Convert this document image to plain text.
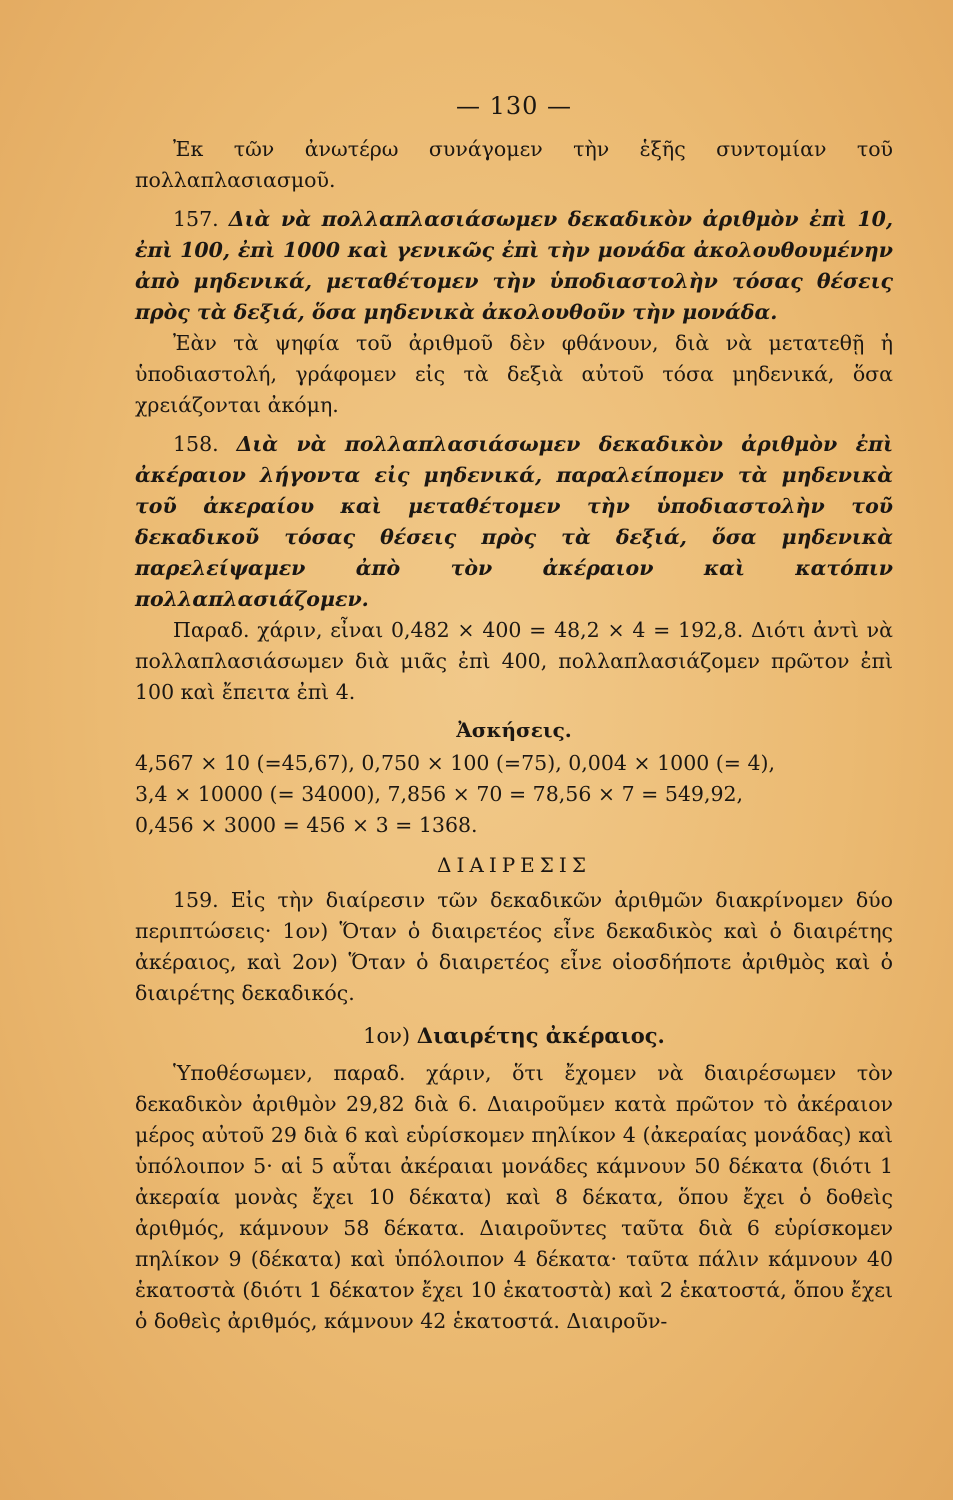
— 130 —

Ἐκ τῶν ἀνωτέρω συνάγομεν τὴν ἑξῆς συντομίαν τοῦ πολλαπλασιασμοῦ.

157. Διὰ νὰ πολλαπλασιάσωμεν δεκαδικὸν ἀριθμὸν ἐπὶ 10, ἐπὶ 100, ἐπὶ 1000 καὶ γενικῶς ἐπὶ τὴν μονάδα ἀκολουθουμένην ἀπὸ μηδενικά, μεταθέτομεν τὴν ὑποδιαστολὴν τόσας θέσεις πρὸς τὰ δεξιά, ὅσα μηδενικὰ ἀκολουθοῦν τὴν μονάδα.

Ἐὰν τὰ ψηφία τοῦ ἀριθμοῦ δὲν φθάνουν, διὰ νὰ μετατεθῇ ἡ ὑποδιαστολή, γράφομεν εἰς τὰ δεξιὰ αὐτοῦ τόσα μηδενικά, ὅσα χρειάζονται ἀκόμη.

158. Διὰ νὰ πολλαπλασιάσωμεν δεκαδικὸν ἀριθμὸν ἐπὶ ἀκέραιον λήγοντα εἰς μηδενικά, παραλείπομεν τὰ μηδενικὰ τοῦ ἀκεραίου καὶ μεταθέτομεν τὴν ὑποδιαστολὴν τοῦ δεκαδικοῦ τόσας θέσεις πρὸς τὰ δεξιά, ὅσα μηδενικὰ παρελείψαμεν ἀπὸ τὸν ἀκέραιον καὶ κατόπιν πολλαπλασιάζομεν.

Παραδ. χάριν, εἶναι 0,482 × 400 = 48,2 × 4 = 192,8. Διότι ἀντὶ νὰ πολλαπλασιάσωμεν διὰ μιᾶς ἐπὶ 400, πολλαπλασιάζομεν πρῶτον ἐπὶ 100 καὶ ἔπειτα ἐπὶ 4.

Ἀσκήσεις.

4,567 × 10 (=45,67), 0,750 × 100 (=75), 0,004 × 1000 (= 4),

3,4 × 10000 (= 34000), 7,856 × 70 = 78,56 × 7 = 549,92,

0,456 × 3000 = 456 × 3 = 1368.

ΔΙΑΙΡΕΣΙΣ

159. Εἰς τὴν διαίρεσιν τῶν δεκαδικῶν ἀριθμῶν διακρίνομεν δύο περιπτώσεις· 1ον) Ὅταν ὁ διαιρετέος εἶνε δεκαδικὸς καὶ ὁ διαιρέτης ἀκέραιος, καὶ 2ον) Ὅταν ὁ διαιρετέος εἶνε οἱοσδήποτε ἀριθμὸς καὶ ὁ διαιρέτης δεκαδικός.

1ον) Διαιρέτης ἀκέραιος.

Ὑποθέσωμεν, παραδ. χάριν, ὅτι ἔχομεν νὰ διαιρέσωμεν τὸν δεκαδικὸν ἀριθμὸν 29,82 διὰ 6. Διαιροῦμεν κατὰ πρῶτον τὸ ἀκέραιον μέρος αὐτοῦ 29 διὰ 6 καὶ εὑρίσκομεν πηλίκον 4 (ἀκεραίας μονάδας) καὶ ὑπόλοιπον 5· αἱ 5 αὗται ἀκέραιαι μονάδες κάμνουν 50 δέκατα (διότι 1 ἀκεραία μονὰς ἔχει 10 δέκατα) καὶ 8 δέκατα, ὅπου ἔχει ὁ δοθεὶς ἀριθμός, κάμνουν 58 δέκατα. Διαιροῦντες ταῦτα διὰ 6 εὑρίσκομεν πηλίκον 9 (δέκατα) καὶ ὑπόλοιπον 4 δέκατα· ταῦτα πάλιν κάμνουν 40 ἑκατοστὰ (διότι 1 δέκατον ἔχει 10 ἑκατοστὰ) καὶ 2 ἑκατοστά, ὅπου ἔχει ὁ δοθεὶς ἀριθμός, κάμνουν 42 ἑκατοστά. Διαιροῦν-
